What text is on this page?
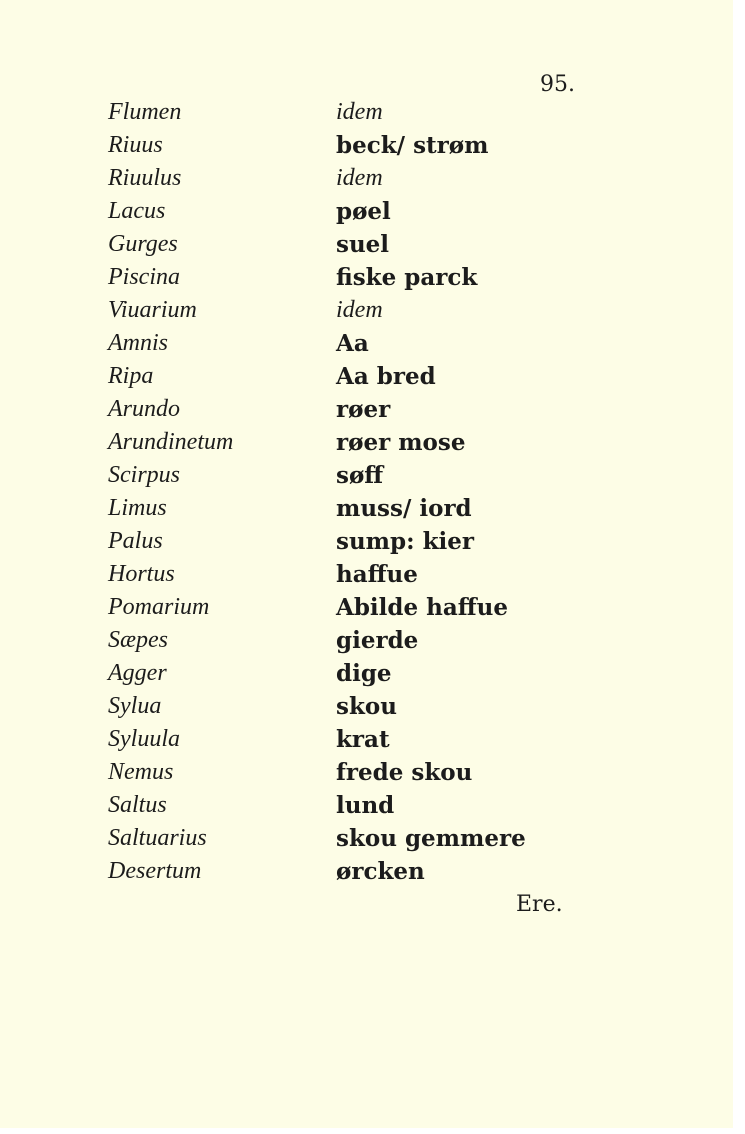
95.
Flumen	idem
Riuus	beck/ strøm
Riuulus	idem
Lacus	pøel
Gurges	suel
Piscina	fiske parck
Viuarium	idem
Amnis	Aa
Ripa	Aa bred
Arundo	røer
Arundinetum	røer mose
Scirpus	søff
Limus	muss/ iord
Palus	sump: kier
Hortus	haffue
Pomarium	Abilde haffue
Sæpes	gierde
Agger	dige
Sylua	skou
Syluula	krat
Nemus	frede skou
Saltus	lund
Saltuarius	skou gemmere
Desertum	ørcken
Ere.
